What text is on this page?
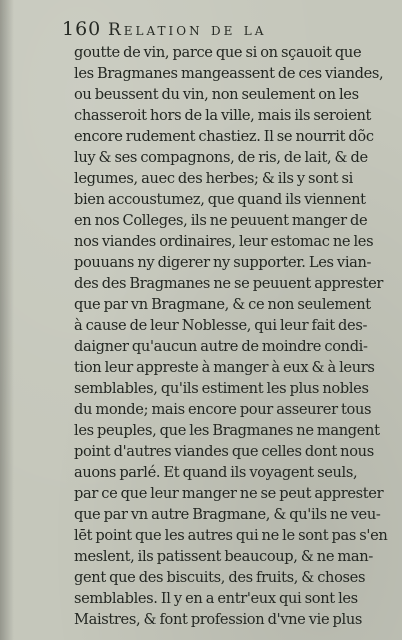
160 Relation de la
goutte de vin, parce que si on sçauoit que
les Bragmanes mangeassent de ces viandes,
ou beussent du vin, non seulement on les
chasseroit hors de la ville, mais ils seroient
encore rudement chastiez. Il se nourrit dõc
luy & ses compagnons, de ris, de lait, & de
legumes, auec des herbes; & ils y sont si
bien accoustumez, que quand ils viennent
en nos Colleges, ils ne peuuent manger de
nos viandes ordinaires, leur estomac ne les
pouuans ny digerer ny supporter. Les vian-
des des Bragmanes ne se peuuent apprester
que par vn Bragmane, & ce non seulement
à cause de leur Noblesse, qui leur fait des-
daigner qu'aucun autre de moindre condi-
tion leur appreste à manger à eux & à leurs
semblables, qu'ils estiment les plus nobles
du monde; mais encore pour asseurer tous
les peuples, que les Bragmanes ne mangent
point d'autres viandes que celles dont nous
auons parlé. Et quand ils voyagent seuls,
par ce que leur manger ne se peut apprester
que par vn autre Bragmane, & qu'ils ne veu-
lēt point que les autres qui ne le sont pas s'en
meslent, ils patissent beaucoup, & ne man-
gent que des biscuits, des fruits, & choses
semblables. Il y en a entr'eux qui sont les
Maistres, & font profession d'vne vie plus
